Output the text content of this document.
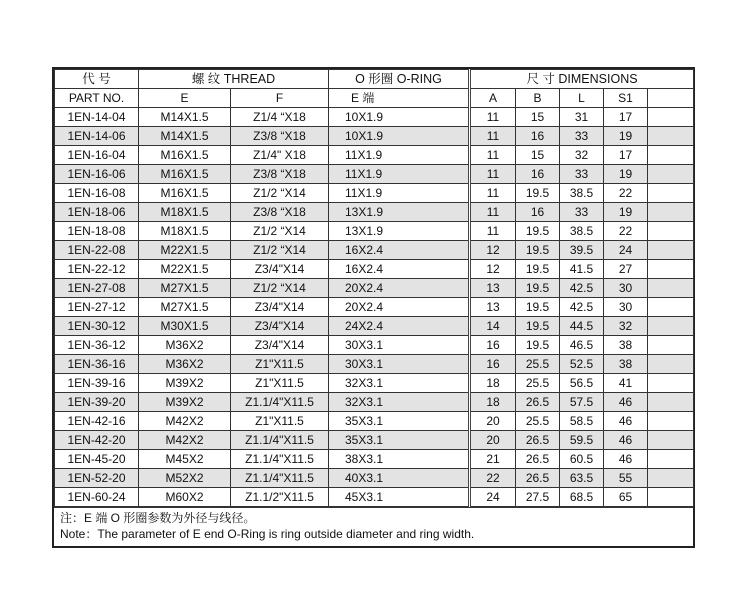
代 号	螺 纹 THREAD		O 形圈 O-RING	尺 寸 DIMENSIONS				
PART NO.	E	F	E 端	A	B	L	S1	
1EN-14-04	M14X1.5	Z1/4 “X18	10X1.9	11	15	31	17	
1EN-14-06	M14X1.5	Z3/8 “X18	10X1.9	11	16	33	19	
1EN-16-04	M16X1.5	Z1/4" X18	11X1.9	11	15	32	17	
1EN-16-06	M16X1.5	Z3/8 “X18	11X1.9	11	16	33	19	
1EN-16-08	M16X1.5	Z1/2 “X14	11X1.9	11	19.5	38.5	22	
1EN-18-06	M18X1.5	Z3/8 “X18	13X1.9	11	16	33	19	
1EN-18-08	M18X1.5	Z1/2 “X14	13X1.9	11	19.5	38.5	22	
1EN-22-08	M22X1.5	Z1/2 “X14	16X2.4	12	19.5	39.5	24	
1EN-22-12	M22X1.5	Z3/4"X14	16X2.4	12	19.5	41.5	27	
1EN-27-08	M27X1.5	Z1/2 “X14	20X2.4	13	19.5	42.5	30	
1EN-27-12	M27X1.5	Z3/4"X14	20X2.4	13	19.5	42.5	30	
1EN-30-12	M30X1.5	Z3/4"X14	24X2.4	14	19.5	44.5	32	
1EN-36-12	M36X2	Z3/4"X14	30X3.1	16	19.5	46.5	38	
1EN-36-16	M36X2	Z1"X11.5	30X3.1	16	25.5	52.5	38	
1EN-39-16	M39X2	Z1"X11.5	32X3.1	18	25.5	56.5	41	
1EN-39-20	M39X2	Z1.1/4"X11.5	32X3.1	18	26.5	57.5	46	
1EN-42-16	M42X2	Z1"X11.5	35X3.1	20	25.5	58.5	46	
1EN-42-20	M42X2	Z1.1/4"X11.5	35X3.1	20	26.5	59.5	46	
1EN-45-20	M45X2	Z1.1/4"X11.5	38X3.1	21	26.5	60.5	46	
1EN-52-20	M52X2	Z1.1/4"X11.5	40X3.1	22	26.5	63.5	55	
1EN-60-24	M60X2	Z1.1/2"X11.5	45X3.1	24	27.5	68.5	65	
注：E 端 O 形圈参数为外径与线径。
Note：The parameter of E end O-Ring is ring outside diameter and ring width.
